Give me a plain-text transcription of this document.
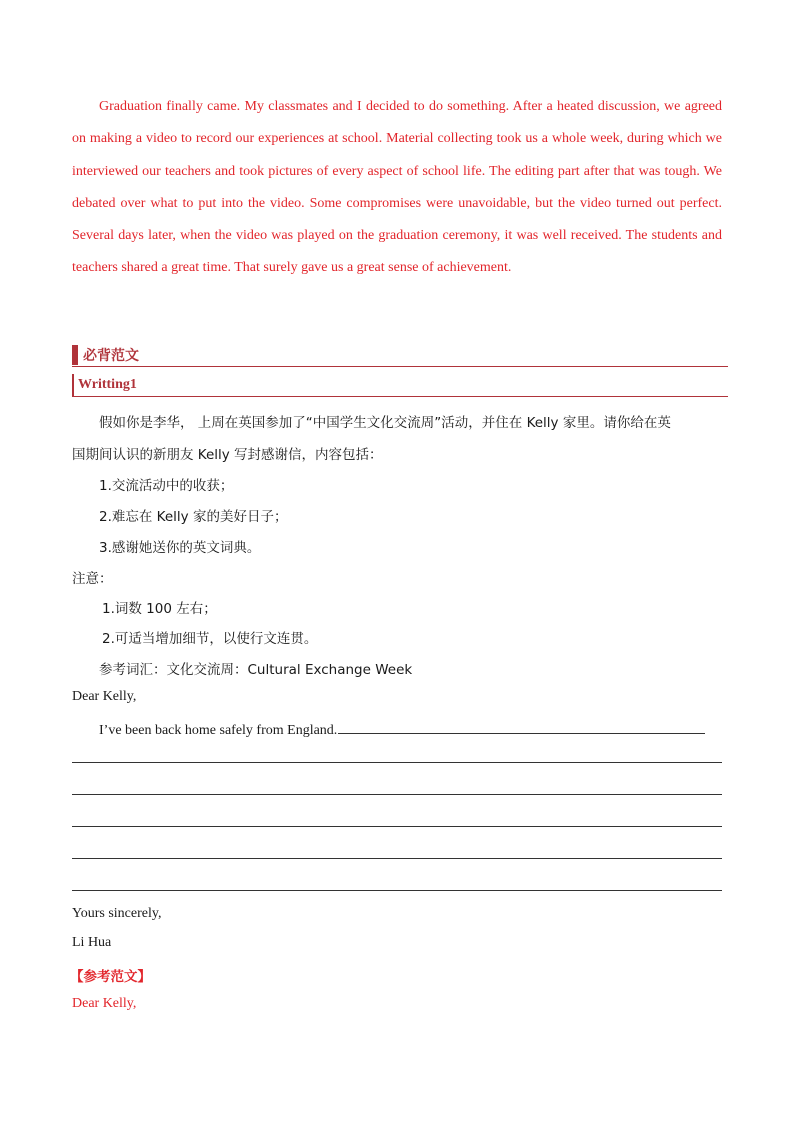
Graduation finally came. My classmates and I decided to do something. After a heated discussion, we agreed on making a video to record our experiences at school. Material collecting took us a whole week, during which we interviewed our teachers and took pictures of every aspect of school life. The editing part after that was tough. We debated over what to put into the video. Some compromises were unavoidable, but the video turned out perfect. Several days later, when the video was played on the graduation ceremony, it was well received. The students and teachers shared a great time. That surely gave us a great sense of achievement.

必背范文
Writting1
假如你是李华， 上周在英国参加了“中国学生文化交流周”活动，并住在 Kelly 家里。请你给在英
国期间认识的新朋友 Kelly 写封感谢信，内容包括：
1.交流活动中的收获；
2.难忘在 Kelly 家的美好日子；
3.感谢她送你的英文词典。
注意：
1.词数 100 左右；
2.可适当增加细节，以使行文连贯。
参考词汇：文化交流周：Cultural Exchange Week
Dear Kelly,
I’ve been back home safely from England.
Yours sincerely,
Li Hua
【参考范文】
Dear Kelly,
